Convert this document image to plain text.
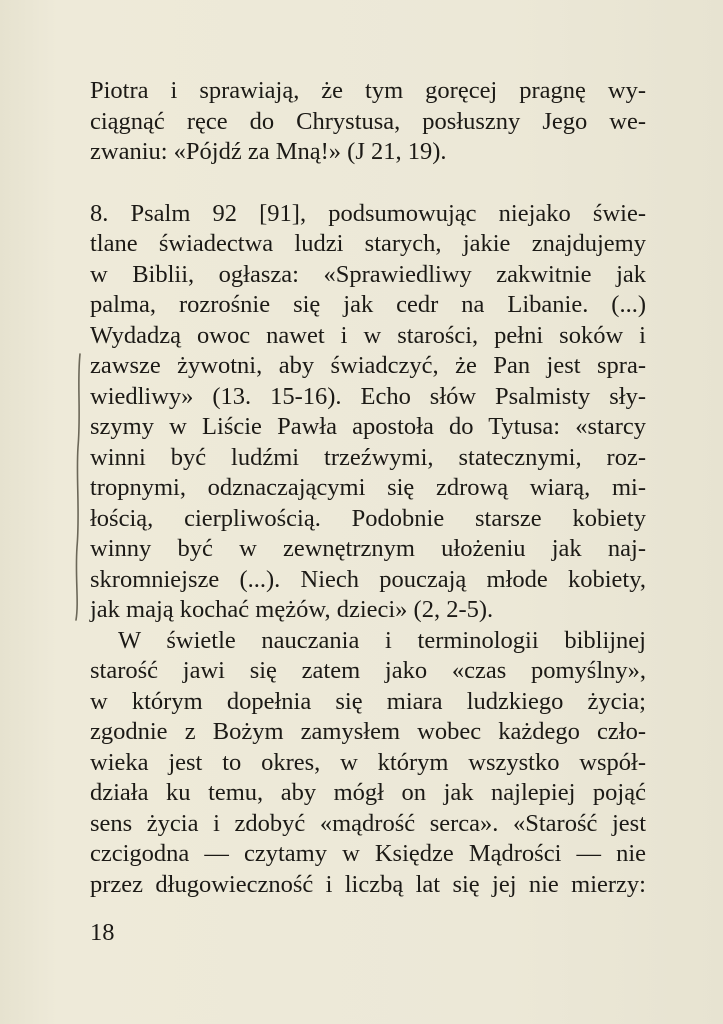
Piotra i sprawiają, że tym goręcej pragnę wy-
ciągnąć ręce do Chrystusa, posłuszny Jego we-
zwaniu: «Pójdź za Mną!» (J 21, 19).
8. Psalm 92 [91], podsumowując niejako świe-
tlane świadectwa ludzi starych, jakie znajdujemy
w Biblii, ogłasza: «Sprawiedliwy zakwitnie jak
palma, rozrośnie się jak cedr na Libanie. (...)
Wydadzą owoc nawet i w starości, pełni soków i
zawsze żywotni, aby świadczyć, że Pan jest spra-
wiedliwy» (13. 15-16). Echo słów Psalmisty sły-
szymy w Liście Pawła apostoła do Tytusa: «starcy
winni być ludźmi trzeźwymi, statecznymi, roz-
tropnymi, odznaczającymi się zdrową wiarą, mi-
łością, cierpliwością. Podobnie starsze kobiety
winny być w zewnętrznym ułożeniu jak naj-
skromniejsze (...). Niech pouczają młode kobiety,
jak mają kochać mężów, dzieci» (2, 2-5).
W świetle nauczania i terminologii biblijnej
starość jawi się zatem jako «czas pomyślny»,
w którym dopełnia się miara ludzkiego życia;
zgodnie z Bożym zamysłem wobec każdego czło-
wieka jest to okres, w którym wszystko współ-
działa ku temu, aby mógł on jak najlepiej pojąć
sens życia i zdobyć «mądrość serca». «Starość jest
czcigodna — czytamy w Księdze Mądrości — nie
przez długowieczność i liczbą lat się jej nie mierzy:
18
